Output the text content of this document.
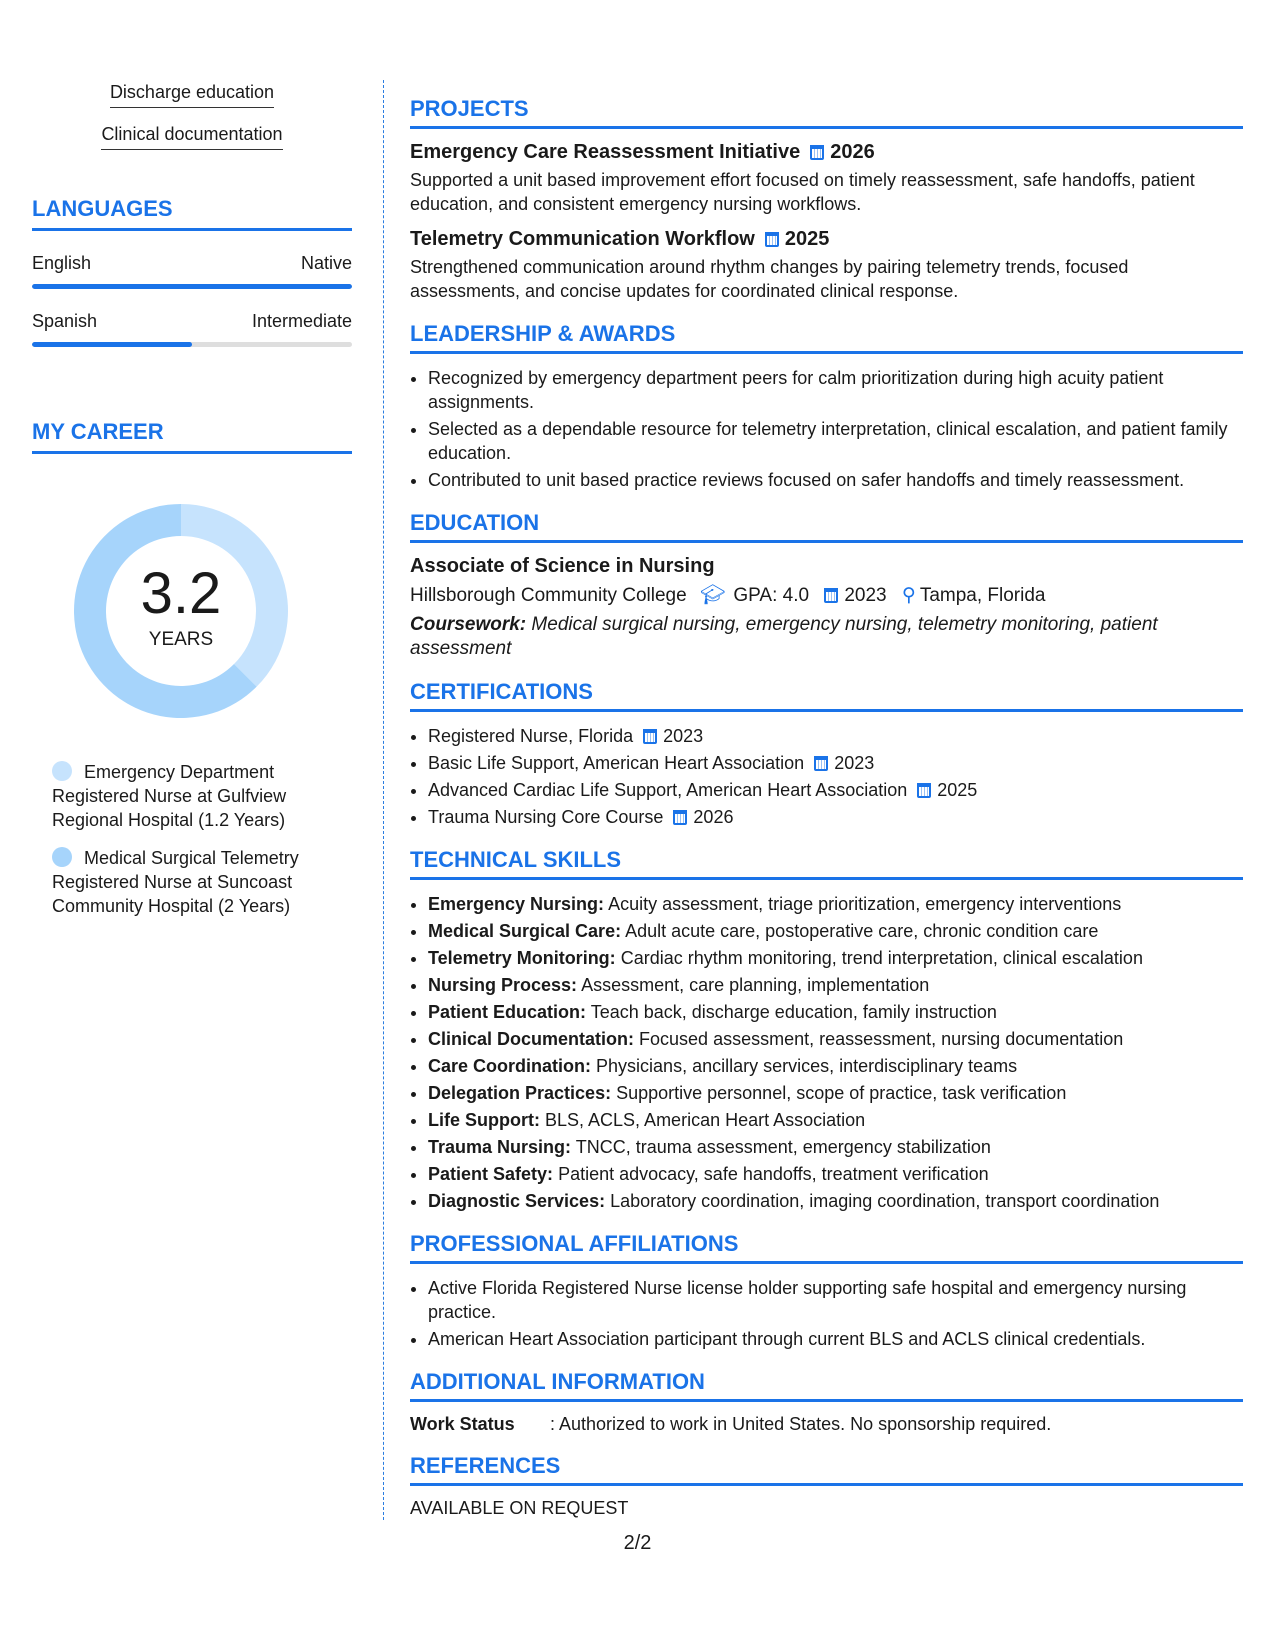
Discharge education
Clinical documentation
LANGUAGES
English	Native
Spanish	Intermediate
MY CAREER
3.2
YEARS
Emergency Department Registered Nurse at Gulfview Regional Hospital (1.2 Years)
Medical Surgical Telemetry Registered Nurse at Suncoast Community Hospital (2 Years)
PROJECTS
Emergency Care Reassessment Initiative 2026
Supported a unit based improvement effort focused on timely reassessment, safe handoffs, patient education, and consistent emergency nursing workflows.
Telemetry Communication Workflow 2025
Strengthened communication around rhythm changes by pairing telemetry trends, focused assessments, and concise updates for coordinated clinical response.
LEADERSHIP & AWARDS
• Recognized by emergency department peers for calm prioritization during high acuity patient assignments.
• Selected as a dependable resource for telemetry interpretation, clinical escalation, and patient family education.
• Contributed to unit based practice reviews focused on safer handoffs and timely reassessment.
EDUCATION
Associate of Science in Nursing
Hillsborough Community College 🎓︎ GPA: 4.0 2023 ⚲ Tampa, Florida
Coursework: Medical surgical nursing, emergency nursing, telemetry monitoring, patient assessment
CERTIFICATIONS
• Registered Nurse, Florida 2023
• Basic Life Support, American Heart Association 2023
• Advanced Cardiac Life Support, American Heart Association 2025
• Trauma Nursing Core Course 2026
TECHNICAL SKILLS
• Emergency Nursing: Acuity assessment, triage prioritization, emergency interventions
• Medical Surgical Care: Adult acute care, postoperative care, chronic condition care
• Telemetry Monitoring: Cardiac rhythm monitoring, trend interpretation, clinical escalation
• Nursing Process: Assessment, care planning, implementation
• Patient Education: Teach back, discharge education, family instruction
• Clinical Documentation: Focused assessment, reassessment, nursing documentation
• Care Coordination: Physicians, ancillary services, interdisciplinary teams
• Delegation Practices: Supportive personnel, scope of practice, task verification
• Life Support: BLS, ACLS, American Heart Association
• Trauma Nursing: TNCC, trauma assessment, emergency stabilization
• Patient Safety: Patient advocacy, safe handoffs, treatment verification
• Diagnostic Services: Laboratory coordination, imaging coordination, transport coordination
PROFESSIONAL AFFILIATIONS
• Active Florida Registered Nurse license holder supporting safe hospital and emergency nursing practice.
• American Heart Association participant through current BLS and ACLS clinical credentials.
ADDITIONAL INFORMATION
Work Status	: Authorized to work in United States. No sponsorship required.
REFERENCES
AVAILABLE ON REQUEST
2/2
